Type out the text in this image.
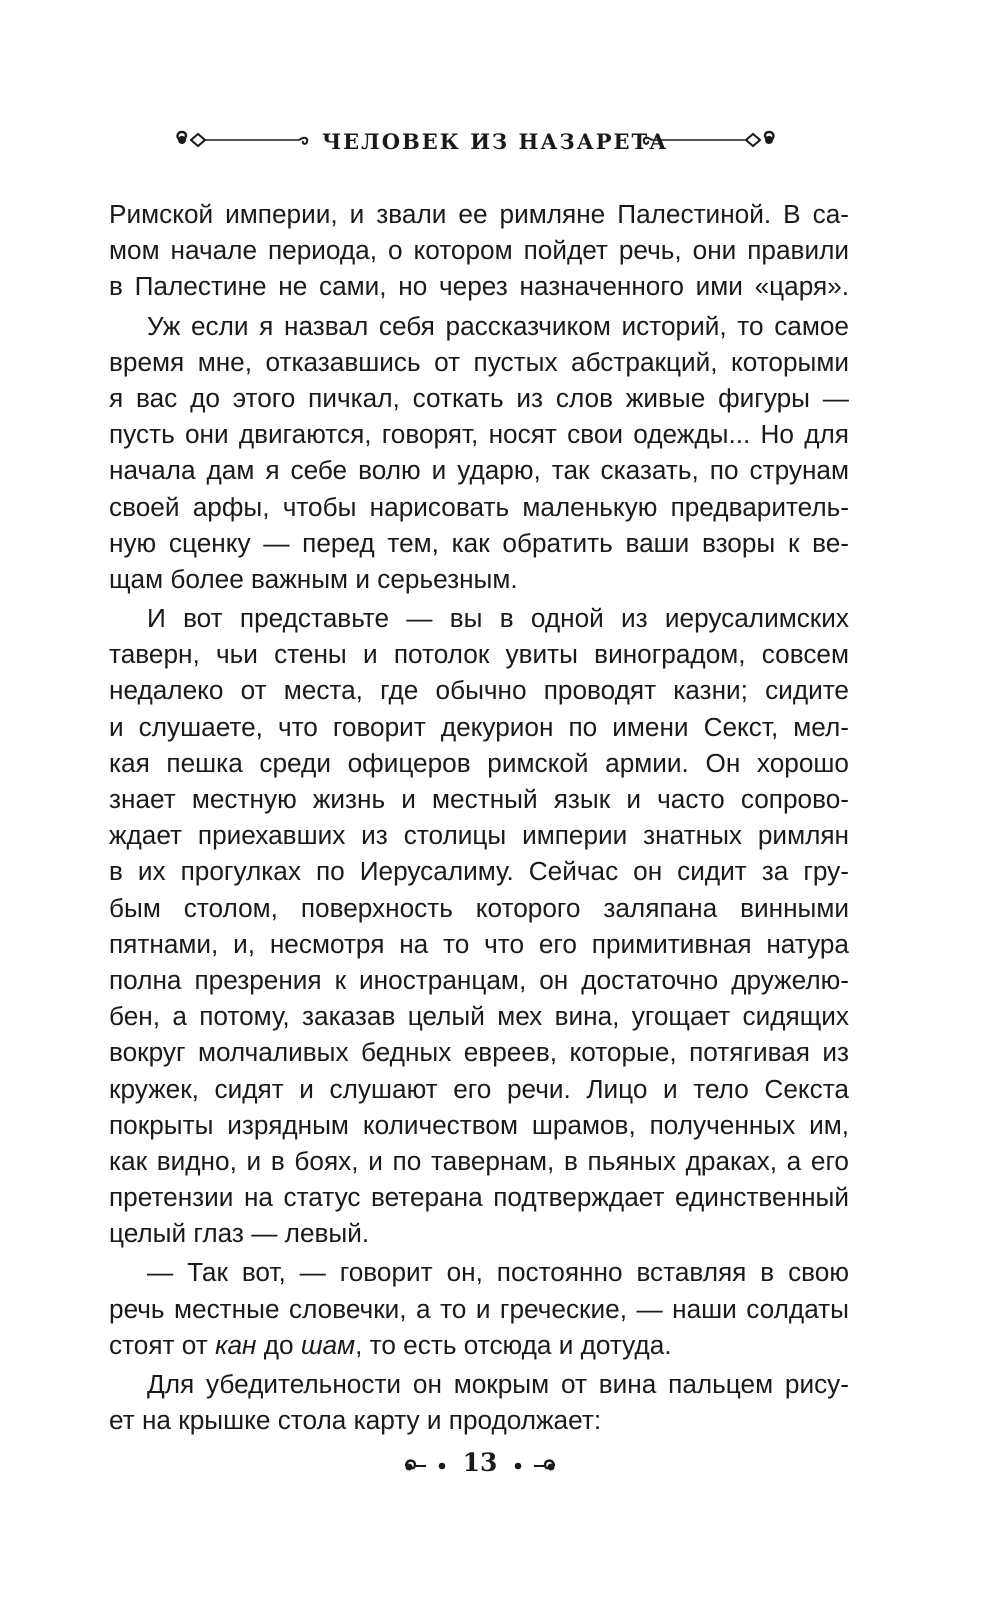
ЧЕЛОВЕК ИЗ НАЗАРЕТА
Римской империи, и звали ее римляне Палестиной. В са-
мом начале периода, о котором пойдет речь, они правили
в Палестине не сами, но через назначенного ими «царя».
Уж если я назвал себя рассказчиком историй, то самое
время мне, отказавшись от пустых абстракций, которыми
я вас до этого пичкал, соткать из слов живые фигуры —
пусть они двигаются, говорят, носят свои одежды... Но для
начала дам я себе волю и ударю, так сказать, по струнам
своей арфы, чтобы нарисовать маленькую предваритель-
ную сценку — перед тем, как обратить ваши взоры к ве-
щам более важным и серьезным.
И вот представьте — вы в одной из иерусалимских
таверн, чьи стены и потолок увиты виноградом, совсем
недалеко от места, где обычно проводят казни; сидите
и слушаете, что говорит декурион по имени Секст, мел-
кая пешка среди офицеров римской армии. Он хорошо
знает местную жизнь и местный язык и часто сопрово-
ждает приехавших из столицы империи знатных римлян
в их прогулках по Иерусалиму. Сейчас он сидит за гру-
бым столом, поверхность которого заляпана винными
пятнами, и, несмотря на то что его примитивная натура
полна презрения к иностранцам, он достаточно дружелю-
бен, а потому, заказав целый мех вина, угощает сидящих
вокруг молчаливых бедных евреев, которые, потягивая из
кружек, сидят и слушают его речи. Лицо и тело Секста
покрыты изрядным количеством шрамов, полученных им,
как видно, и в боях, и по тавернам, в пьяных драках, а его
претензии на статус ветерана подтверждает единственный
целый глаз — левый.
— Так вот, — говорит он, постоянно вставляя в свою
речь местные словечки, а то и греческие, — наши солдаты
стоят от кан до шам, то есть отсюда и дотуда.
Для убедительности он мокрым от вина пальцем рису-
ет на крышке стола карту и продолжает:
13
